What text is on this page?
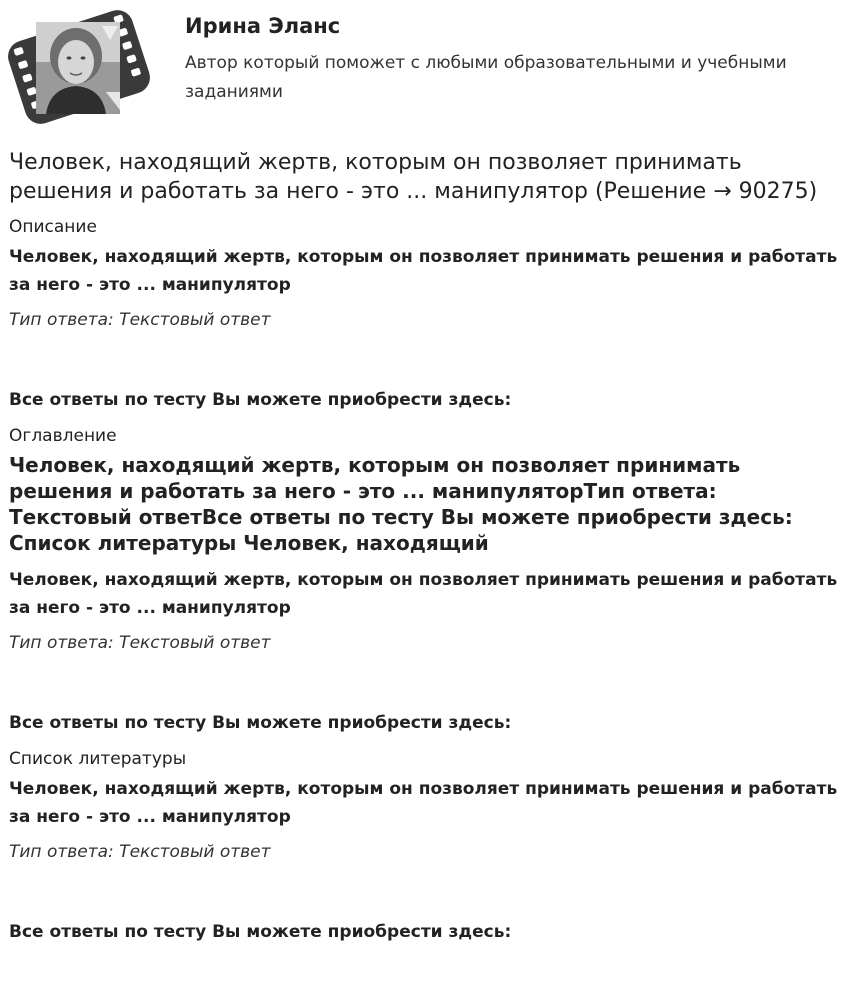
Ирина Эланс

Автор который поможет с любыми образовательными и учебными заданиями

Человек, находящий жертв, которым он позволяет принимать решения и работать за него - это ... манипулятор (Решение → 90275)
Описание
Человек, находящий жертв, которым он позволяет принимать решения и работать за него - это ... манипулятор
Тип ответа: Текстовый ответ
Все ответы по тесту Вы можете приобрести здесь:
Оглавление
Человек, находящий жертв, которым он позволяет принимать решения и работать за него - это ... манипуляторТип ответа: Текстовый ответВсе ответы по тесту Вы можете приобрести здесь: Список литературы Человек, находящий
Человек, находящий жертв, которым он позволяет принимать решения и работать за него - это ... манипулятор
Тип ответа: Текстовый ответ
Все ответы по тесту Вы можете приобрести здесь:
Список литературы
Человек, находящий жертв, которым он позволяет принимать решения и работать за него - это ... манипулятор
Тип ответа: Текстовый ответ
Все ответы по тесту Вы можете приобрести здесь:
